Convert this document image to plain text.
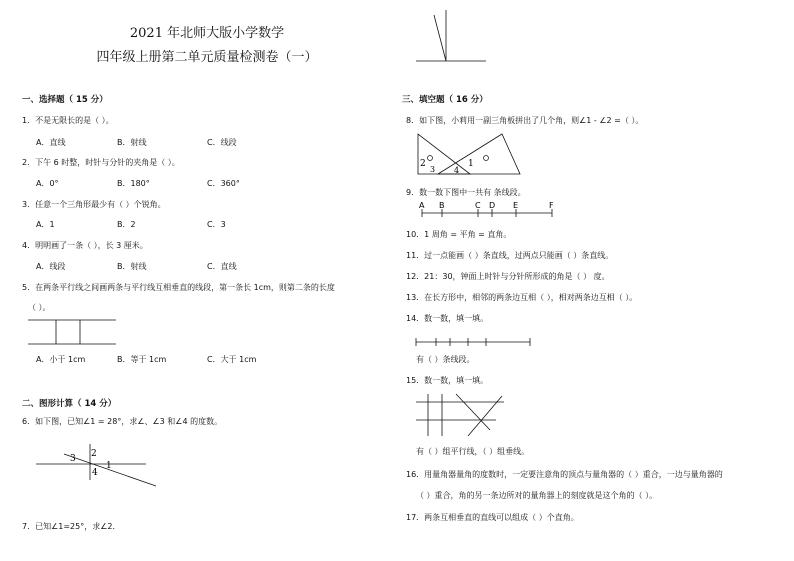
2021 年北师大版小学数学
四年级上册第二单元质量检测卷（一）
一、选择题（ 15 分）
1．不是无限长的是（ ）。
A．直线	B．射线	C．线段
2．下午 6 时整，时针与分针的夹角是（ ）。
A．0°	B．180°	C．360°
3．任意一个三角形最少有（ ）个锐角。
A．1	B．2	C．3
4．明明画了一条（ ），长 3 厘米。
A．线段	B．射线	C．直线
5．在两条平行线之间画两条与平行线互相垂直的线段，第一条长 1cm，则第二条的长度
（ ）。
A．小于 1cm	B．等于 1cm	C．大于 1cm
二、图形计算（ 14 分）
6．如下图，已知∠1 = 28°，求∠、∠3 和∠4 的度数。
3 2
1
4
7．已知∠1=25°，求∠2．
三、填空题（ 16 分）
8．如下图，小莉用一副三角板拼出了几个角，则∠1 - ∠2 =（ ）。
2
3 4
1
9．数一数下图中一共有 条线段。
A B	C D E	F
10．1 周角 = 平角 = 直角。
11．过一点能画（ ）条直线，过两点只能画（ ）条直线。
12．21：30，钟面上时针与分针所形成的角是（ ） 度。
13．在长方形中，相邻的两条边互相（ ），相对两条边互相（ ）。
14．数一数，填一填。
有（ ）条线段。
15．数一数，填一填。
有（ ）组平行线，（ ）组垂线。
16．用量角器量角的度数时，一定要注意角的顶点与量角器的（ ）重合，一边与量角器的
（ ）重合，角的另一条边所对的量角器上的刻度就是这个角的（ ）。
17．两条互相垂直的直线可以组成（ ）个直角。
